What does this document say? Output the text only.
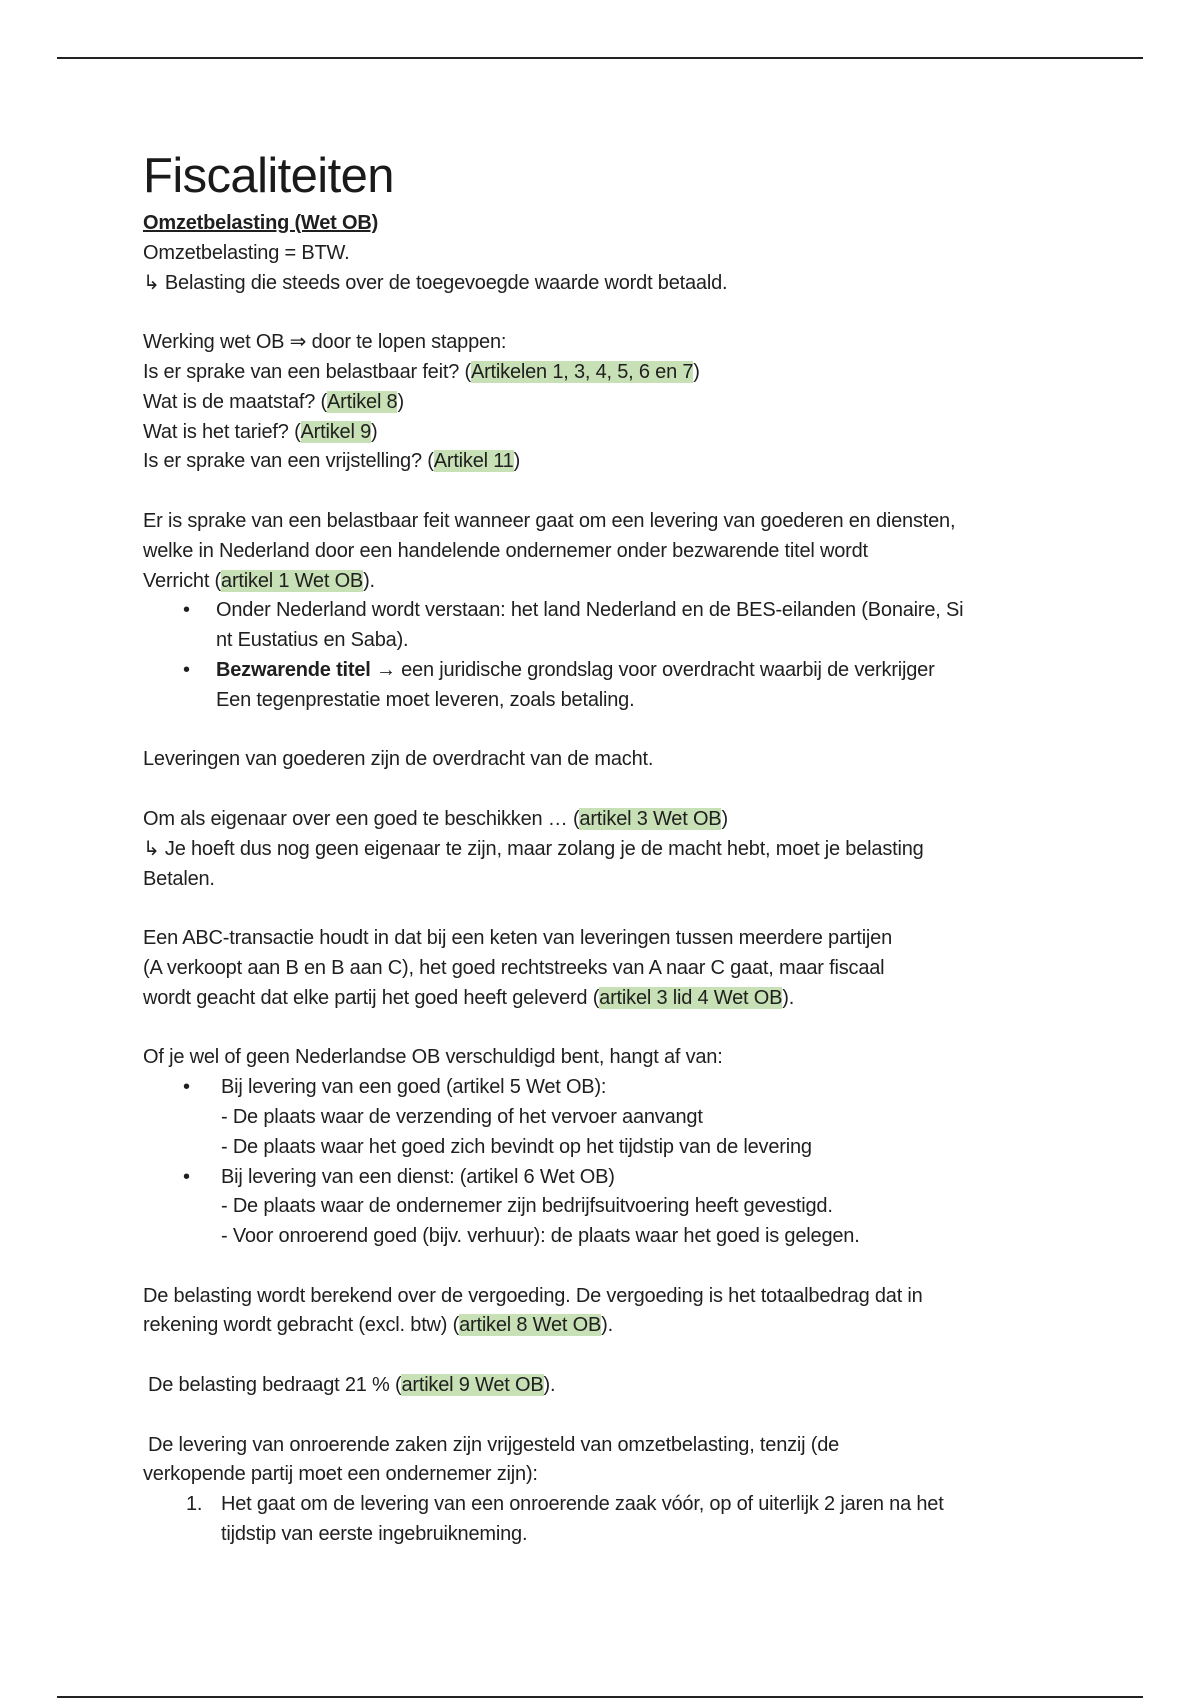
Fiscaliteiten

Omzetbelasting (Wet OB)

Omzetbelasting = BTW.

↳ Belasting die steeds over de toegevoegde waarde wordt betaald.

Werking wet OB ⇒ door te lopen stappen:

Is er sprake van een belastbaar feit? (Artikelen 1, 3, 4, 5, 6 en 7)

Wat is de maatstaf? (Artikel 8)

Wat is het tarief? (Artikel 9)

Is er sprake van een vrijstelling? (Artikel 11)

Er is sprake van een belastbaar feit wanneer gaat om een levering van goederen en diensten,

welke in Nederland door een handelende ondernemer onder bezwarende titel wordt

Verricht (artikel 1 Wet OB).

• Onder Nederland wordt verstaan: het land Nederland en de BES-eilanden (Bonaire, Si
nt Eustatius en Saba).
• Bezwarende titel → een juridische grondslag voor overdracht waarbij de verkrijger
Een tegenprestatie moet leveren, zoals betaling.

Leveringen van goederen zijn de overdracht van de macht.

Om als eigenaar over een goed te beschikken … (artikel 3 Wet OB)

↳ Je hoeft dus nog geen eigenaar te zijn, maar zolang je de macht hebt, moet je belasting

Betalen.

Een ABC-transactie houdt in dat bij een keten van leveringen tussen meerdere partijen

(A verkoopt aan B en B aan C), het goed rechtstreeks van A naar C gaat, maar fiscaal

wordt geacht dat elke partij het goed heeft geleverd (artikel 3 lid 4 Wet OB).

Of je wel of geen Nederlandse OB verschuldigd bent, hangt af van:

• Bij levering van een goed (artikel 5 Wet OB):
- De plaats waar de verzending of het vervoer aanvangt
- De plaats waar het goed zich bevindt op het tijdstip van de levering
• Bij levering van een dienst: (artikel 6 Wet OB)
- De plaats waar de ondernemer zijn bedrijfsuitvoering heeft gevestigd.
- Voor onroerend goed (bijv. verhuur): de plaats waar het goed is gelegen.

De belasting wordt berekend over de vergoeding. De vergoeding is het totaalbedrag dat in

rekening wordt gebracht (excl. btw) (artikel 8 Wet OB).

De belasting bedraagt 21 % (artikel 9 Wet OB).

De levering van onroerende zaken zijn vrijgesteld van omzetbelasting, tenzij (de

verkopende partij moet een ondernemer zijn):

1. Het gaat om de levering van een onroerende zaak vóór, op of uiterlijk 2 jaren na het
tijdstip van eerste ingebruikneming.
